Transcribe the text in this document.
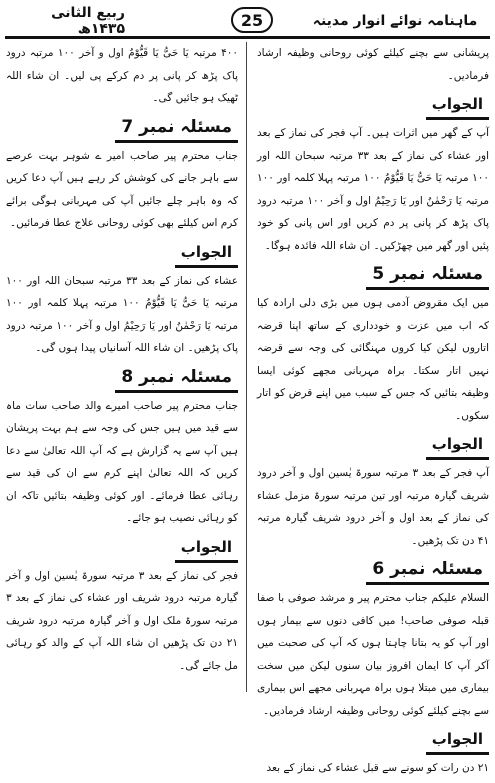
ربیع الثانی ۱۴۳۵ھ	25	ماہنامہ نوائے انوار مدینہ

پریشانی سے بچنے کیلئے کوئی روحانی وظیفہ ارشاد فرمادیں۔

الجواب

آپ کے گھر میں اثرات ہیں۔ آپ فجر کی نماز کے بعد اور عشاء کی نماز کے بعد ۳۳ مرتبہ سبحان اللہ اور ۱۰۰ مرتبہ یَا حَیُّ یَا قَیُّوْمُ ۱۰۰ مرتبہ پہلا کلمہ اور ۱۰۰ مرتبہ یَا رَحْمٰنُ اور یَا رَحِیْمُ اول و آخر ۱۰۰ مرتبہ درود پاک پڑھ کر پانی پر دم کریں اور اس پانی کو خود پئیں اور گھر میں چھڑکیں۔ ان شاء اللہ فائدہ ہوگا۔

مسئلہ نمبر 5

میں ایک مقروض آدمی ہوں میں بڑی دلی ارادہ کیا کہ اب میں عزت و خودداری کے ساتھ اپنا قرضہ اتاروں لیکن کیا کروں مہنگائی کی وجہ سے قرضہ نہیں اتار سکتا۔ براہ مہربانی مجھے کوئی ایسا وظیفہ بتائیں کہ جس کے سبب میں اپنے قرض کو اتار سکوں۔

الجواب

آپ فجر کے بعد ۳ مرتبہ سورۃ یٰسین اول و آخر درود شریف گیارہ مرتبہ اور تین مرتبہ سورۃ مزمل عشاء کی نماز کے بعد اول و آخر درود شریف گیارہ مرتبہ ۴۱ دن تک پڑھیں۔

مسئلہ نمبر 6

السلام علیکم جناب محترم پیر و مرشد صوفی با صفا قبلہ صوفی صاحب! میں کافی دنوں سے بیمار ہوں اور آپ کو یہ بتانا چاہتا ہوں کہ آپ کی صحبت میں آکر آپ کا ایمان افروز بیان سنوں لیکن میں سخت بیماری میں مبتلا ہوں براہ مہربانی مجھے اس بیماری سے بچنے کیلئے کوئی روحانی وظیفہ ارشاد فرمادیں۔

الجواب

۲۱ دن رات کو سونے سے قبل عشاء کی نماز کے بعد

۴۰۰ مرتبہ یَا حَیُّ یَا قَیُّوْمُ اول و آخر ۱۰۰ مرتبہ درود پاک پڑھ کر پانی پر دم کرکے پی لیں۔ ان شاء اللہ ٹھیک ہو جائیں گی۔

مسئلہ نمبر 7

جناب محترم پیر صاحب امیر ے شوہر بہت عرصے سے باہر جانے کی کوشش کر رہے ہیں آپ دعا کریں کہ وہ باہر چلے جائیں آپ کی مہربانی ہوگی برائے کرم اس کیلئے بھی کوئی روحانی علاج عطا فرمائیں۔

الجواب

عشاء کی نماز کے بعد ۳۳ مرتبہ سبحان اللہ اور ۱۰۰ مرتبہ یَا حَیُّ یَا قَیُّوْمُ ۱۰۰ مرتبہ پہلا کلمہ اور ۱۰۰ مرتبہ یَا رَحْمٰنُ اور یَا رَحِیْمُ اول و آخر ۱۰۰ مرتبہ درود پاک پڑھیں۔ ان شاء اللہ آسانیاں پیدا ہوں گی۔

مسئلہ نمبر 8

جناب محترم پیر صاحب امیرے والد صاحب سات ماہ سے قید میں ہیں جس کی وجہ سے ہم بہت پریشان ہیں آپ سے یہ گزارش ہے کہ آپ اللہ تعالیٰ سے دعا کریں کہ اللہ تعالیٰ اپنے کرم سے ان کی قید سے رہائی عطا فرمائے۔ اور کوئی وظیفہ بتائیں تاکہ ان کو رہائی نصیب ہو جائے۔

الجواب

فجر کی نماز کے بعد ۳ مرتبہ سورۃ یٰسین اول و آخر گیارہ مرتبہ درود شریف اور عشاء کی نماز کے بعد ۳ مرتبہ سورۃ ملک اول و آخر گیارہ مرتبہ درود شریف ۲۱ دن تک پڑھیں ان شاء اللہ آپ کے والد کو رہائی مل جائے گی۔
